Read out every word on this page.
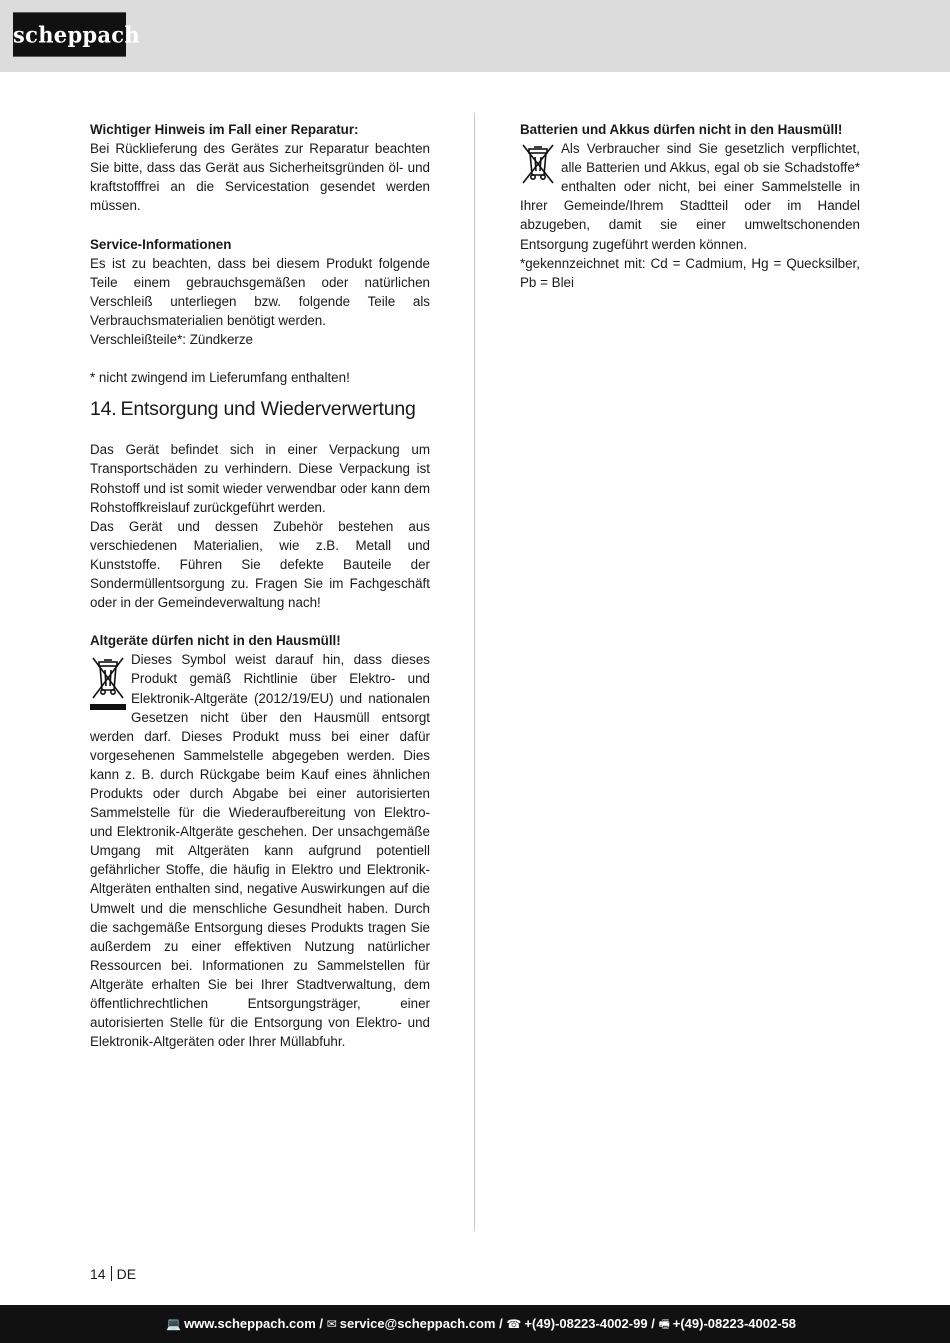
scheppach

Wichtiger Hinweis im Fall einer Reparatur:

Bei Rücklieferung des Gerätes zur Reparatur beachten Sie bitte, dass das Gerät aus Sicherheitsgründen öl- und kraftstofffrei an die Servicestation gesendet werden müssen.

Service-Informationen

Es ist zu beachten, dass bei diesem Produkt folgende Teile einem gebrauchsgemäßen oder natürlichen Verschleiß unterliegen bzw. folgende Teile als Verbrauchsmaterialien benötigt werden.

Verschleißteile*: Zündkerze

* nicht zwingend im Lieferumfang enthalten!

14. Entsorgung und Wiederverwertung

Das Gerät befindet sich in einer Verpackung um Transportschäden zu verhindern. Diese Verpackung ist Rohstoff und ist somit wieder verwendbar oder kann dem Rohstoffkreislauf zurückgeführt werden.

Das Gerät und dessen Zubehör bestehen aus verschiedenen Materialien, wie z.B. Metall und Kunststoffe. Führen Sie defekte Bauteile der Sondermüllentsorgung zu. Fragen Sie im Fachgeschäft oder in der Gemeindeverwaltung nach!

Altgeräte dürfen nicht in den Hausmüll!

Dieses Symbol weist darauf hin, dass dieses Produkt gemäß Richtlinie über Elektro- und Elektronik-Altgeräte (2012/19/EU) und nationalen Gesetzen nicht über den Hausmüll entsorgt werden darf. Dieses Produkt muss bei einer dafür vorgesehenen Sammelstelle abgegeben werden. Dies kann z. B. durch Rückgabe beim Kauf eines ähnlichen Produkts oder durch Abgabe bei einer autorisierten Sammelstelle für die Wiederaufbereitung von Elektro- und Elektronik-Altgeräte geschehen. Der unsachgemäße Umgang mit Altgeräten kann aufgrund potentiell gefährlicher Stoffe, die häufig in Elektro und Elektronik-Altgeräten enthalten sind, negative Auswirkungen auf die Umwelt und die menschliche Gesundheit haben. Durch die sachgemäße Entsorgung dieses Produkts tragen Sie außerdem zu einer effektiven Nutzung natürlicher Ressourcen bei. Informationen zu Sammelstellen für Altgeräte erhalten Sie bei Ihrer Stadtverwaltung, dem öffentlichrechtlichen Entsorgungsträger, einer autorisierten Stelle für die Entsorgung von Elektro- und Elektronik-Altgeräten oder Ihrer Müllabfuhr.

Batterien und Akkus dürfen nicht in den Hausmüll!

Als Verbraucher sind Sie gesetzlich verpflichtet, alle Batterien und Akkus, egal ob sie Schadstoffe* enthalten oder nicht, bei einer Sammelstelle in Ihrer Gemeinde/Ihrem Stadtteil oder im Handel abzugeben, damit sie einer umweltschonenden Entsorgung zugeführt werden können.

*gekennzeichnet mit: Cd = Cadmium, Hg = Quecksilber, Pb = Blei

14 DE
💻 www.scheppach.com / ✉ service@scheppach.com / ☎ +(49)-08223-4002-99 / 🖷 +(49)-08223-4002-58
